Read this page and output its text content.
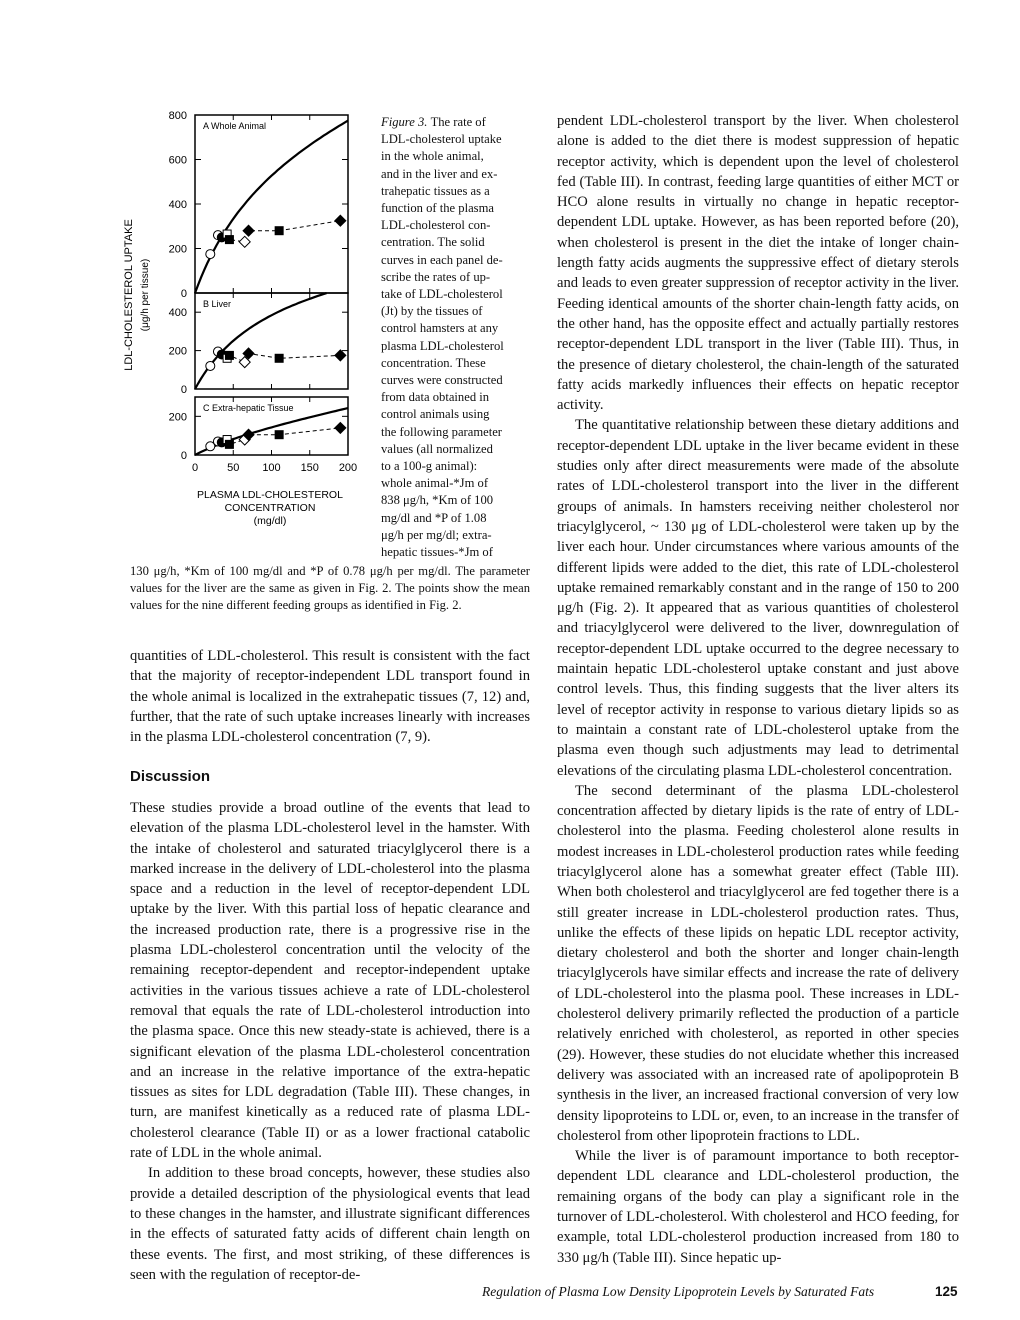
A Whole Animal
0
200
400
600
800
B Liver
0
200
400
C Extra-hepatic Tissue
0
200
0	50 100 150 200
PLASMA LDL-CHOLESTEROL
CONCENTRATION
(mg/dl)
LDL-CHOLESTEROL UPTAKE (μg/h per tissue)
Figure 3. The rate of
LDL-cholesterol uptake
in the whole animal,
and in the liver and ex-
trahepatic tissues as a
function of the plasma
LDL-cholesterol con-
centration. The solid
curves in each panel de-
scribe the rates of up-
take of LDL-cholesterol
(Jt) by the tissues of
control hamsters at any
plasma LDL-cholesterol
concentration. These
curves were constructed
from data obtained in
control animals using
the following parameter
values (all normalized
to a 100-g animal):
whole animal-*Jm of
838 μg/h, *Km of 100
mg/dl and *P of 1.08
μg/h per mg/dl; extra-
hepatic tissues-*Jm of
130 μg/h, *Km of 100 mg/dl and *P of 0.78 μg/h per mg/dl. The parameter values for the liver are the same as given in Fig. 2. The points show the mean values for the nine different feeding groups as identified in Fig. 2.

quantities of LDL-cholesterol. This result is consistent with the fact that the majority of receptor-independent LDL transport found in the whole animal is localized in the extrahepatic tissues (7, 12) and, further, that the rate of such uptake increases linearly with increases in the plasma LDL-cholesterol concentration (7, 9).

Discussion

These studies provide a broad outline of the events that lead to elevation of the plasma LDL-cholesterol level in the hamster. With the intake of cholesterol and saturated triacylglycerol there is a marked increase in the delivery of LDL-cholesterol into the plasma space and a reduction in the level of receptor-dependent LDL uptake by the liver. With this partial loss of hepatic clearance and the increased production rate, there is a progressive rise in the plasma LDL-cholesterol concentration until the velocity of the remaining receptor-dependent and receptor-independent uptake activities in the various tissues achieve a rate of LDL-cholesterol removal that equals the rate of LDL-cholesterol introduction into the plasma space. Once this new steady-state is achieved, there is a significant elevation of the plasma LDL-cholesterol concentration and an increase in the relative importance of the extra-hepatic tissues as sites for LDL degradation (Table III). These changes, in turn, are manifest kinetically as a reduced rate of plasma LDL-cholesterol clearance (Table II) or as a lower fractional catabolic rate of LDL in the whole animal.

In addition to these broad concepts, however, these studies also provide a detailed description of the physiological events that lead to these changes in the hamster, and illustrate significant differences in the effects of saturated fatty acids of different chain length on these events. The first, and most striking, of these differences is seen with the regulation of receptor-de-

pendent LDL-cholesterol transport by the liver. When cholesterol alone is added to the diet there is modest suppression of hepatic receptor activity, which is dependent upon the level of cholesterol fed (Table III). In contrast, feeding large quantities of either MCT or HCO alone results in virtually no change in hepatic receptor-dependent LDL uptake. However, as has been reported before (20), when cholesterol is present in the diet the intake of longer chain-length fatty acids augments the suppressive effect of dietary sterols and leads to even greater suppression of receptor activity in the liver. Feeding identical amounts of the shorter chain-length fatty acids, on the other hand, has the opposite effect and actually partially restores receptor-dependent LDL transport in the liver (Table III). Thus, in the presence of dietary cholesterol, the chain-length of the saturated fatty acids markedly influences their effects on hepatic receptor activity.

The quantitative relationship between these dietary additions and receptor-dependent LDL uptake in the liver became evident in these studies only after direct measurements were made of the absolute rates of LDL-cholesterol transport into the liver in the different groups of animals. In hamsters receiving neither cholesterol nor triacylglycerol, ~ 130 μg of LDL-cholesterol were taken up by the liver each hour. Under circumstances where various amounts of the different lipids were added to the diet, this rate of LDL-cholesterol uptake remained remarkably constant and in the range of 150 to 200 μg/h (Fig. 2). It appeared that as various quantities of cholesterol and triacylglycerol were delivered to the liver, downregulation of receptor-dependent LDL uptake occurred to the degree necessary to maintain hepatic LDL-cholesterol uptake constant and just above control levels. Thus, this finding suggests that the liver alters its level of receptor activity in response to various dietary lipids so as to maintain a constant rate of LDL-cholesterol uptake from the plasma even though such adjustments may lead to detrimental elevations of the circulating plasma LDL-cholesterol concentration.

The second determinant of the plasma LDL-cholesterol concentration affected by dietary lipids is the rate of entry of LDL-cholesterol into the plasma. Feeding cholesterol alone results in modest increases in LDL-cholesterol production rates while feeding triacylglycerol alone has a somewhat greater effect (Table III). When both cholesterol and triacylglycerol are fed together there is a still greater increase in LDL-cholesterol production rates. Thus, unlike the effects of these lipids on hepatic LDL receptor activity, dietary cholesterol and both the shorter and longer chain-length triacylglycerols have similar effects and increase the rate of delivery of LDL-cholesterol into the plasma pool. These increases in LDL-cholesterol delivery primarily reflected the production of a particle relatively enriched with cholesterol, as reported in other species (29). However, these studies do not elucidate whether this increased delivery was associated with an increased rate of apolipoprotein B synthesis in the liver, an increased fractional conversion of very low density lipoproteins to LDL or, even, to an increase in the transfer of cholesterol from other lipoprotein fractions to LDL.

While the liver is of paramount importance to both receptor-dependent LDL clearance and LDL-cholesterol production, the remaining organs of the body can play a significant role in the turnover of LDL-cholesterol. With cholesterol and HCO feeding, for example, total LDL-cholesterol production increased from 180 to 330 μg/h (Table III). Since hepatic up-

Regulation of Plasma Low Density Lipoprotein Levels by Saturated Fats	125
